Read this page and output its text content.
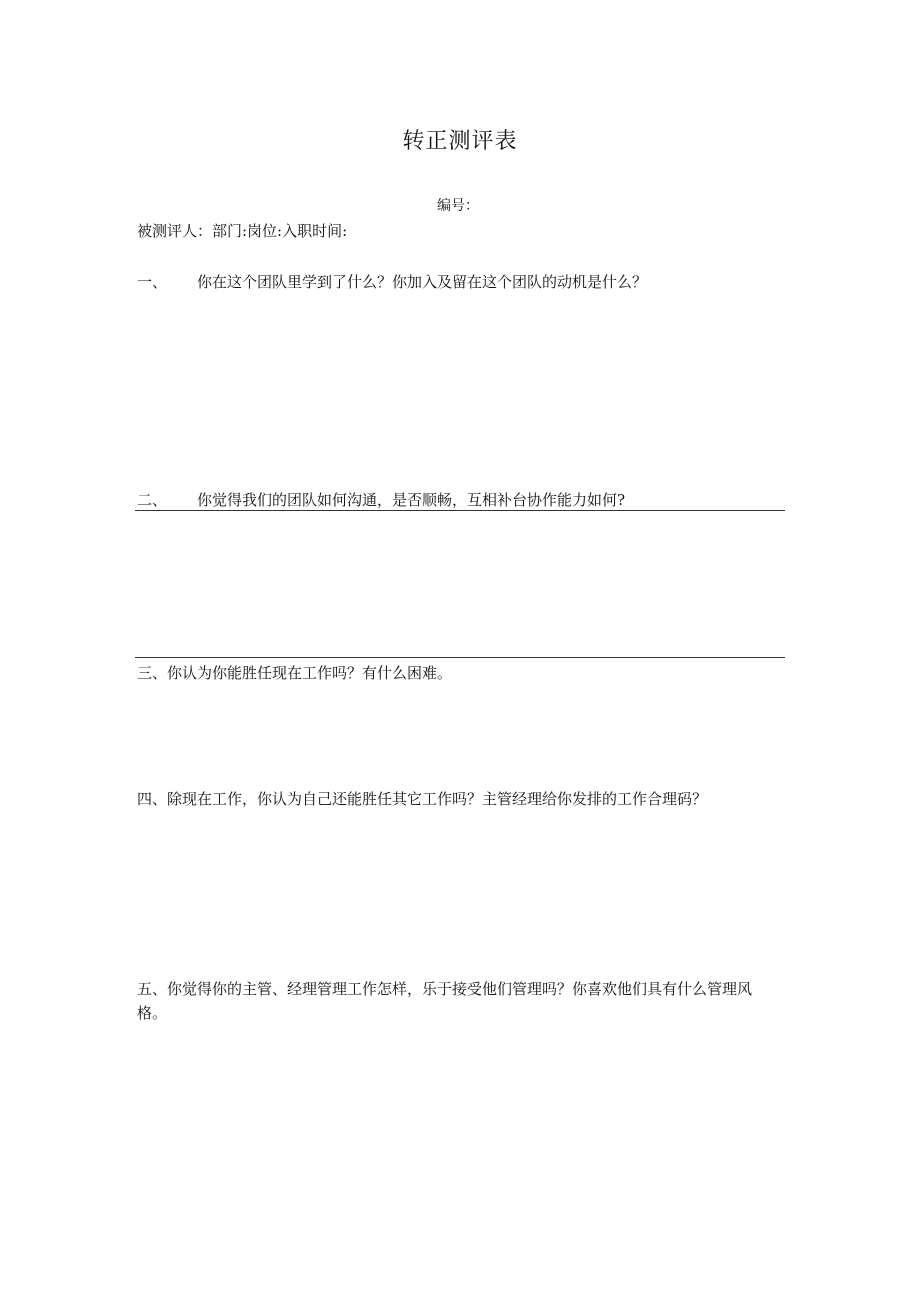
转正测评表
编号：
被测评人：部门:岗位:入职时间:
一、 你在这个团队里学到了什么？你加入及留在这个团队的动机是什么？
二、 你觉得我们的团队如何沟通，是否顺畅，互相补台协作能力如何?
三、你认为你能胜任现在工作吗？有什么困难。
四、除现在工作，你认为自己还能胜任其它工作吗？主管经理给你发排的工作合理码？
五、你觉得你的主管、经理管理工作怎样，乐于接受他们管理吗？你喜欢他们具有什么管理风格。
